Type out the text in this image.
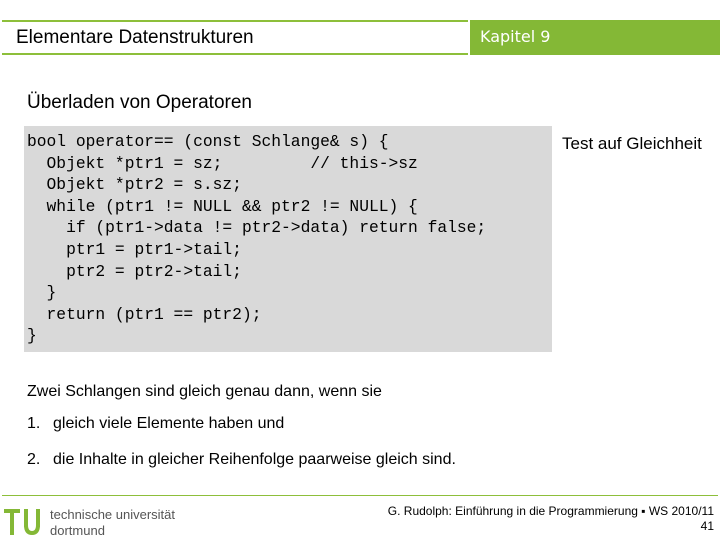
Elementare Datenstrukturen	Kapitel 9
Überladen von Operatoren
bool operator== (const Schlange& s) {
Objekt *ptr1 = sz;         // this->sz
Objekt *ptr2 = s.sz;
while (ptr1 != NULL && ptr2 != NULL) {
if (ptr1->data != ptr2->data) return false;
ptr1 = ptr1->tail;
ptr2 = ptr2->tail;
}
return (ptr1 == ptr2);
}
Test auf Gleichheit
Zwei Schlangen sind gleich genau dann, wenn sie
1. gleich viele Elemente haben und
2. die Inhalte in gleicher Reihenfolge paarweise gleich sind.
technische universität
dortmund
G. Rudolph: Einführung in die Programmierung ▪ WS 2010/11
41
